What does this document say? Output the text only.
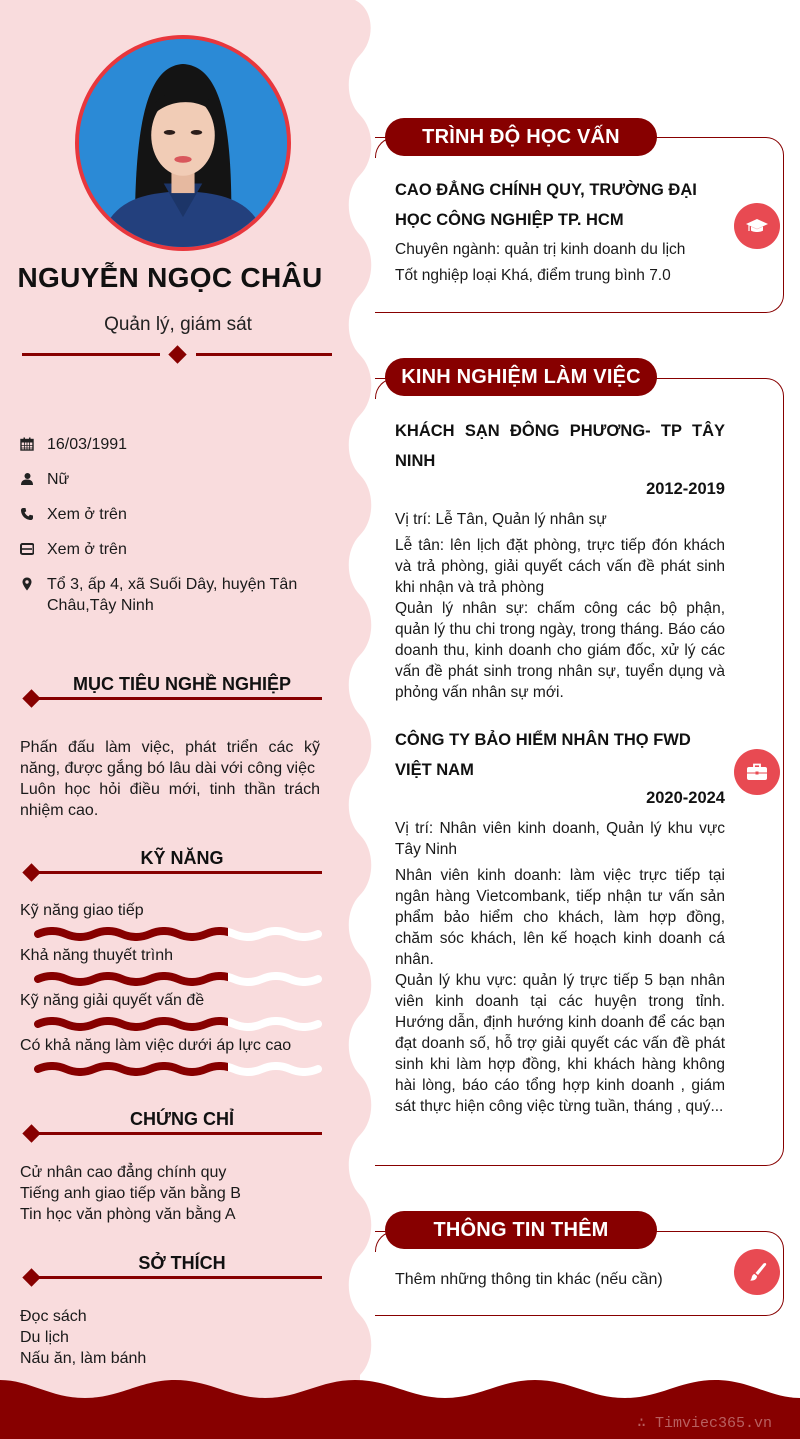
NGUYỄN NGỌC CHÂU
Quản lý, giám sát
16/03/1991
Nữ
Xem ở trên
Xem ở trên
Tổ 3, ấp 4, xã Suối Dây, huyện Tân Châu,Tây Ninh
MỤC TIÊU NGHỀ NGHIỆP
Phấn đấu làm việc, phát triển các kỹ năng, được gắng bó lâu dài với công việc
Luôn học hỏi điều mới, tinh thần trách nhiệm cao.
KỸ NĂNG
Kỹ năng giao tiếp
Khả năng thuyết trình
Kỹ năng giải quyết vấn đề
Có khả năng làm việc dưới áp lực cao
CHỨNG CHỈ
Cử nhân cao đẳng chính quy
Tiếng anh giao tiếp văn bằng B
Tin học văn phòng văn bằng A
SỞ THÍCH
Đọc sách
Du lịch
Nấu ăn, làm bánh
TRÌNH ĐỘ HỌC VẤN
CAO ĐẲNG CHÍNH QUY, TRƯỜNG ĐẠI HỌC CÔNG NGHIỆP TP. HCM
Chuyên ngành: quản trị kinh doanh du lịch
Tốt nghiệp loại Khá, điểm trung bình 7.0
KINH NGHIỆM LÀM VIỆC
KHÁCH SẠN ĐÔNG PHƯƠNG- TP TÂY NINH
2012-2019
Vị trí: Lễ Tân, Quản lý nhân sự
Lễ tân: lên lịch đặt phòng, trực tiếp đón khách và trả phòng, giải quyết cách vấn đề phát sinh khi nhận và trả phòng
Quản lý nhân sự: chấm công các bộ phận, quản lý thu chi trong ngày, trong tháng. Báo cáo doanh thu, kinh doanh cho giám đốc, xử lý các vấn đề phát sinh trong nhân sự, tuyển dụng và phỏng vấn nhân sự mới.
CÔNG TY BẢO HIỂM NHÂN THỌ FWD VIỆT NAM
2020-2024
Vị trí: Nhân viên kinh doanh, Quản lý khu vực Tây Ninh
Nhân viên kinh doanh: làm việc trực tiếp tại ngân hàng Vietcombank, tiếp nhận tư vấn sản phẩm bảo hiểm cho khách, làm hợp đồng, chăm sóc khách, lên kế hoạch kinh doanh cá nhân.
Quản lý khu vực: quản lý trực tiếp 5 bạn nhân viên kinh doanh tại các huyện trong tỉnh. Hướng dẫn, định hướng kinh doanh để các bạn đạt doanh số, hỗ trợ giải quyết các vấn đề phát sinh khi làm hợp đồng, khi khách hàng không hài lòng, báo cáo tổng hợp kinh doanh , giám sát thực hiện công việc từng tuần, tháng , quý...
THÔNG TIN THÊM
Thêm những thông tin khác (nếu cần)
∴ Timviec365.vn
